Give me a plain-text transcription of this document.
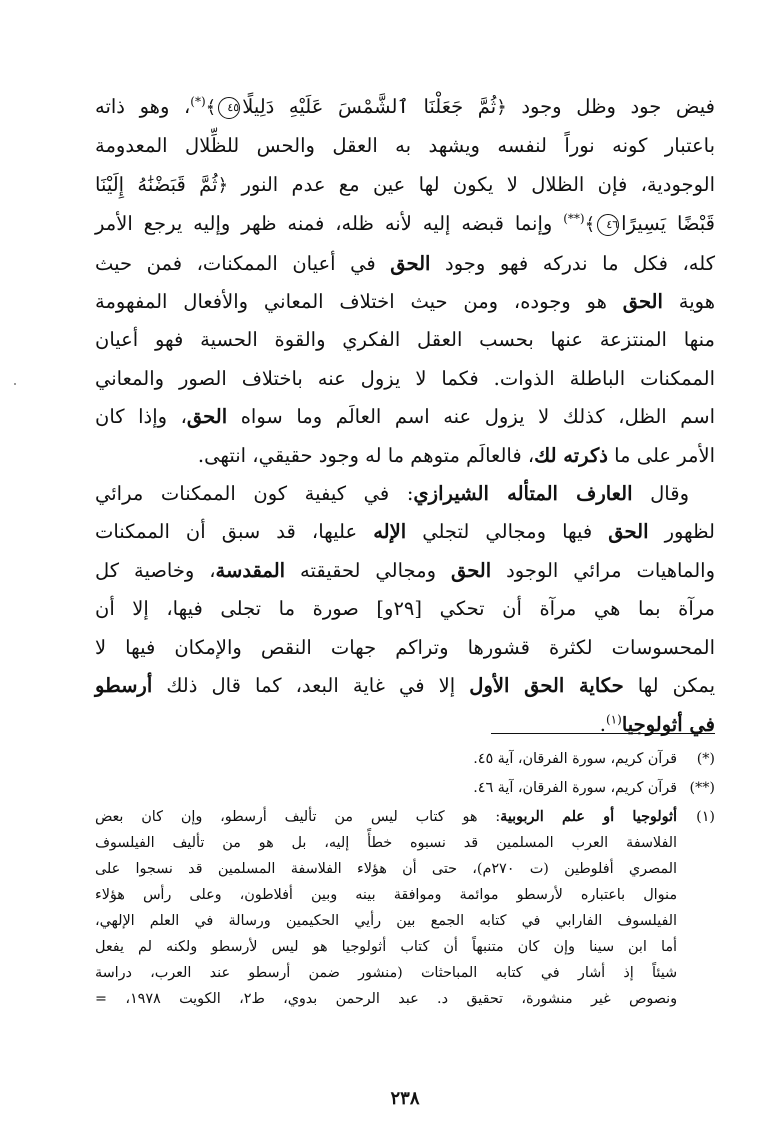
فيض جود وظل وجود ﴿ثُمَّ جَعَلْنَا ٱلشَّمْسَ عَلَيْهِ دَلِيلًا٤٥﴾(*)، وهو ذاته
باعتبار كونه نوراً لنفسه ويشهد به العقل والحس للظِّلال المعدومة
الوجودية، فإن الظلال لا يكون لها عين مع عدم النور ﴿ثُمَّ قَبَضْنَٰهُ إِلَيْنَا
قَبْضًا يَسِيرًا٤٦﴾(**) وإنما قبضه إليه لأنه ظله، فمنه ظهر وإليه يرجع الأمر
كله، فكل ما ندركه فهو وجود الحق في أعيان الممكنات، فمن حيث
هوية الحق هو وجوده، ومن حيث اختلاف المعاني والأفعال المفهومة
منها المنتزعة عنها بحسب العقل الفكري والقوة الحسية فهو أعيان
الممكنات الباطلة الذوات. فكما لا يزول عنه باختلاف الصور والمعاني
اسم الظل، كذلك لا يزول عنه اسم العالَم وما سواه الحق، وإذا كان
الأمر على ما ذكرته لك، فالعالَم متوهم ما له وجود حقيقي، انتهى.

وقال العارف المتأله الشيرازي: في كيفية كون الممكنات مرائي
لظهور الحق فيها ومجالي لتجلي الإله عليها، قد سبق أن الممكنات
والماهيات مرائي الوجود الحق ومجالي لحقيقته المقدسة، وخاصية كل
مرآة بما هي مرآة أن تحكي [٢٩و] صورة ما تجلى فيها، إلا أن
المحسوسات لكثرة قشورها وتراكم جهات النقص والإمكان فيها لا
يمكن لها حكاية الحق الأول إلا في غاية البعد، كما قال ذلك أرسطو
في أثولوجيا$^{(١)}$.

(*)
قرآن كريم، سورة الفرقان، آية ٤٥.
(**)
قرآن كريم، سورة الفرقان، آية ٤٦.
(١)
أثولوجيا أو علم الربوبية: هو كتاب ليس من تأليف أرسطو، وإن كان بعض
الفلاسفة العرب المسلمين قد نسبوه خطأً إليه، بل هو من تأليف الفيلسوف
المصري أفلوطين (ت ٢٧٠م)، حتى أن هؤلاء الفلاسفة المسلمين قد نسجوا على
منوال باعتباره لأرسطو موائمة وموافقة بينه وبين أفلاطون، وعلى رأس هؤلاء
الفيلسوف الفارابي في كتابه الجمع بين رأيي الحكيمين ورسالة في العلم الإلهي،
أما ابن سينا وإن كان متنبهاً أن كتاب أثولوجيا هو ليس لأرسطو ولكنه لم يفعل
شيئاً إذ أشار في كتابه المباحثات (منشور ضمن أرسطو عند العرب، دراسة
ونصوص غير منشورة، تحقيق د. عبد الرحمن بدوي، ط٢، الكويت ١٩٧٨، =
٢٣٨
